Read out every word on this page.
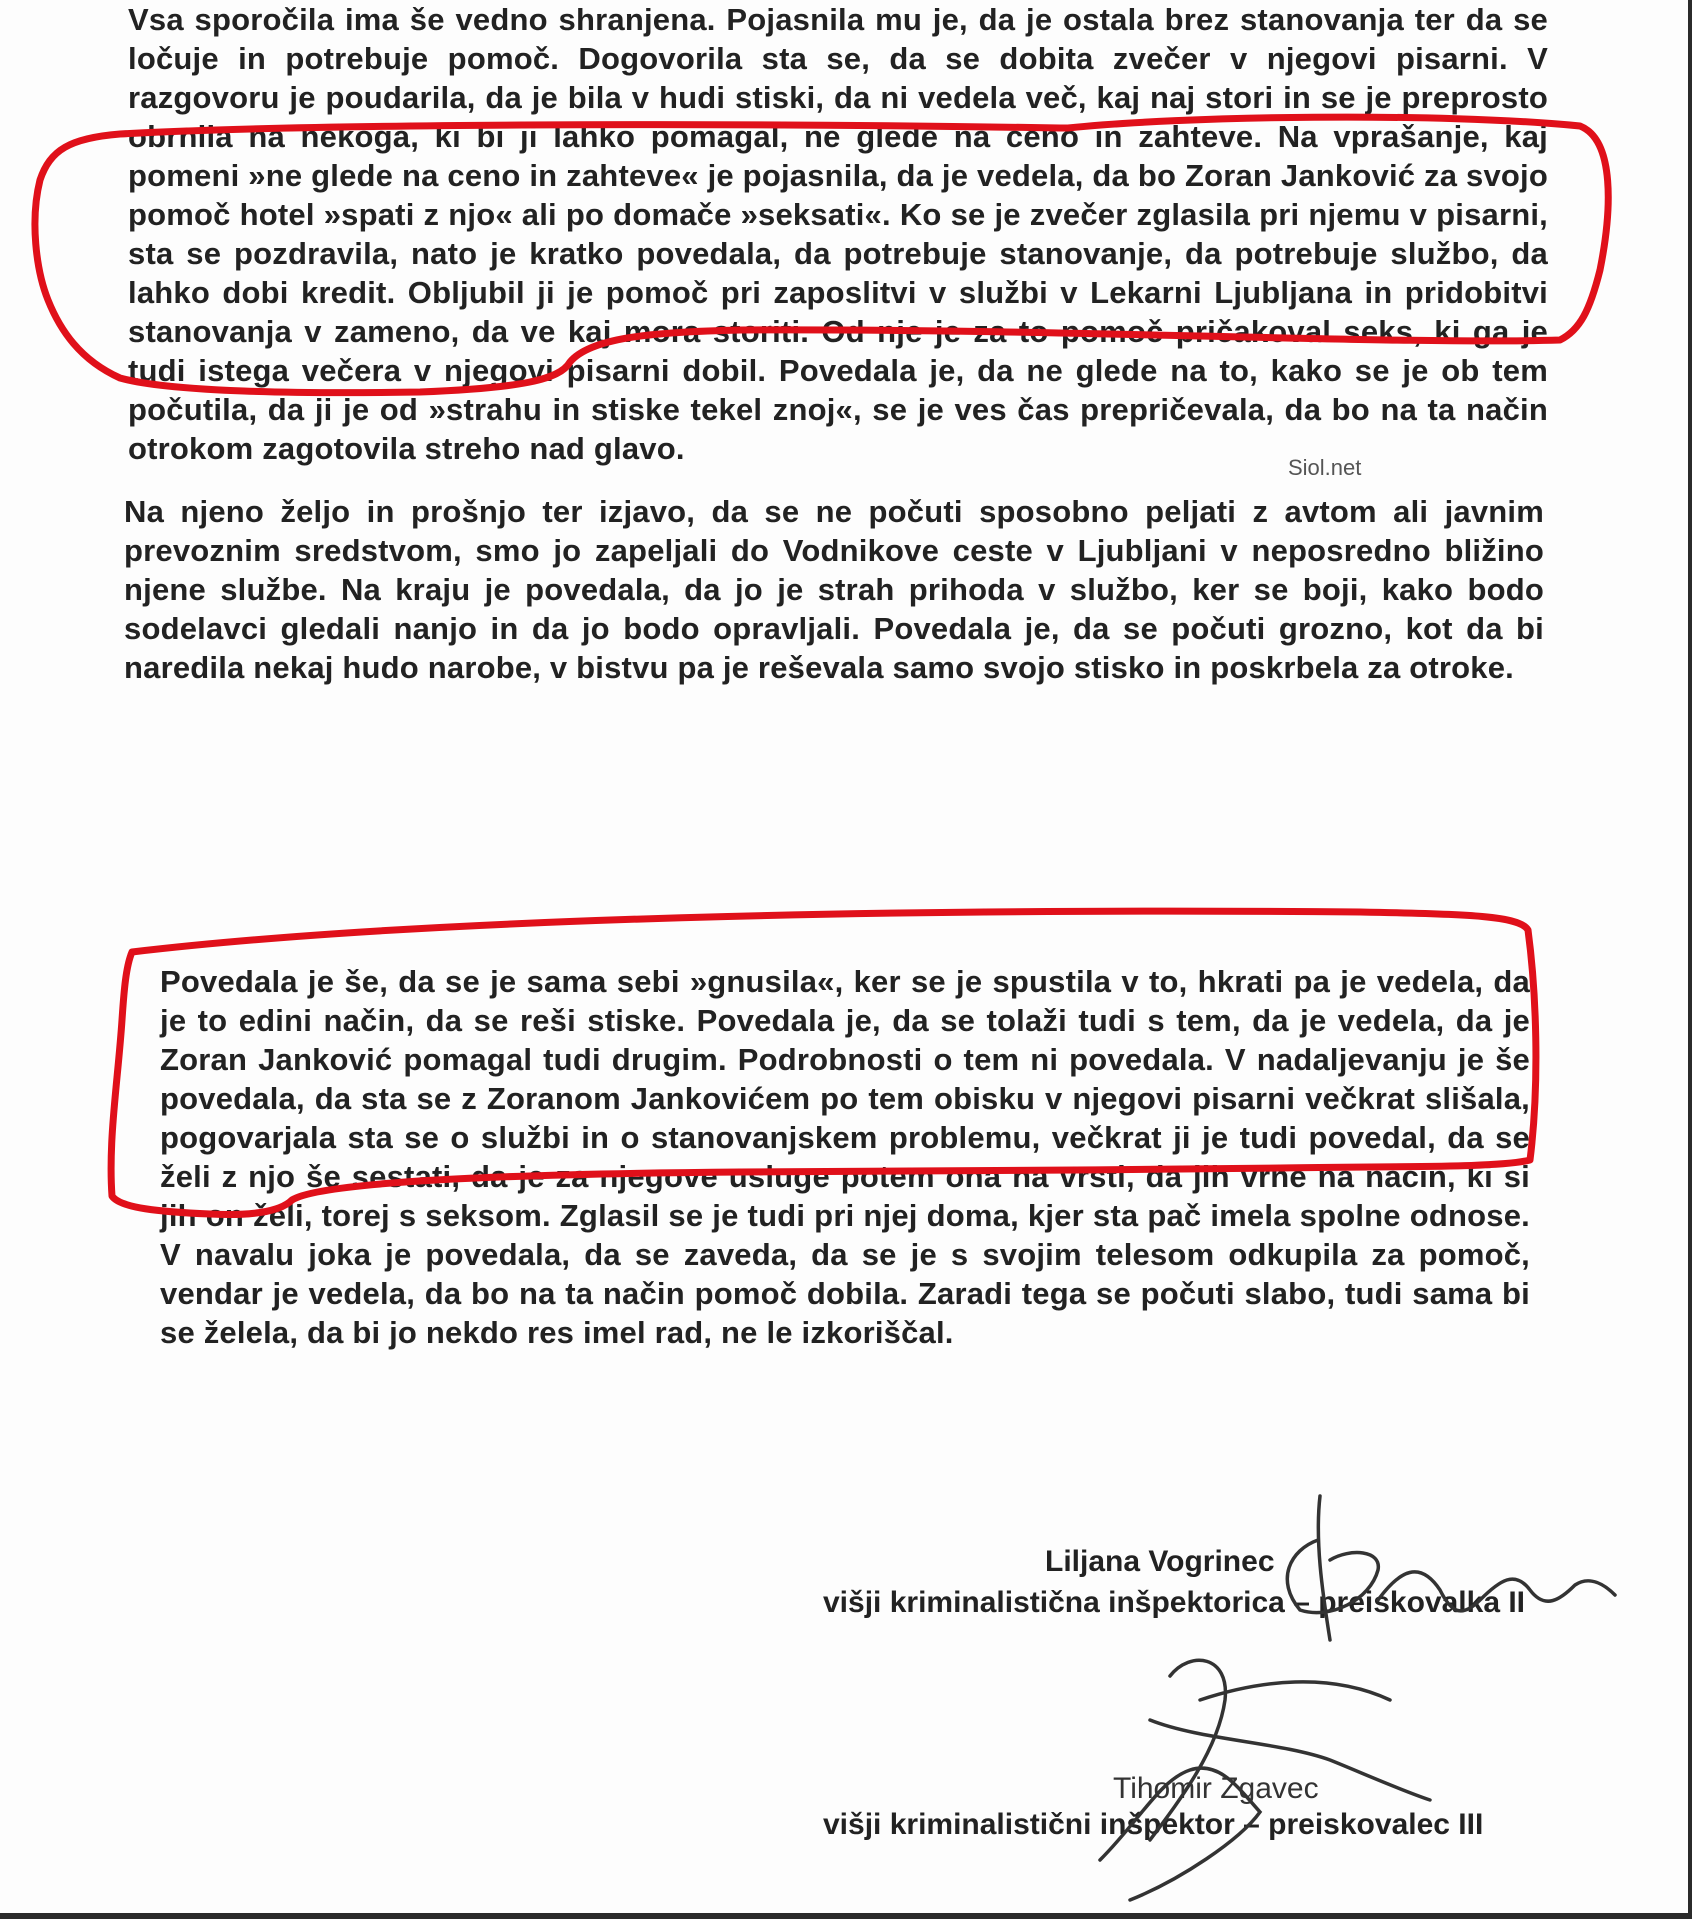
Vsa sporočila ima še vedno shranjena. Pojasnila mu je, da je ostala brez stanovanja ter da se ločuje in potrebuje pomoč. Dogovorila sta se, da se dobita zvečer v njegovi pisarni. V razgovoru je poudarila, da je bila v hudi stiski, da ni vedela več, kaj naj stori in se je preprosto obrnila na nekoga, ki bi ji lahko pomagal, ne glede na ceno in zahteve. Na vprašanje, kaj pomeni »ne glede na ceno in zahteve« je pojasnila, da je vedela, da bo Zoran Janković za svojo pomoč hotel »spati z njo« ali po domače »seksati«. Ko se je zvečer zglasila pri njemu v pisarni, sta se pozdravila, nato je kratko povedala, da potrebuje stanovanje, da potrebuje službo, da lahko dobi kredit. Obljubil ji je pomoč pri zaposlitvi v službi v Lekarni Ljubljana in pridobitvi stanovanja v zameno, da ve kaj mora storiti. Od nje je za to pomoč pričakoval seks, ki ga je tudi istega večera v njegovi pisarni dobil. Povedala je, da ne glede na to, kako se je ob tem počutila, da ji je od »strahu in stiske tekel znoj«, se je ves čas prepričevala, da bo na ta način otrokom zagotovila streho nad glavo.
Siol.net
Na njeno željo in prošnjo ter izjavo, da se ne počuti sposobno peljati z avtom ali javnim prevoznim sredstvom, smo jo zapeljali do Vodnikove ceste v Ljubljani v neposredno bližino njene službe. Na kraju je povedala, da jo je strah prihoda v službo, ker se boji, kako bodo sodelavci gledali nanjo in da jo bodo opravljali. Povedala je, da se počuti grozno, kot da bi naredila nekaj hudo narobe, v bistvu pa je reševala samo svojo stisko in poskrbela za otroke.
Povedala je še, da se je sama sebi »gnusila«, ker se je spustila v to, hkrati pa je vedela, da je to edini način, da se reši stiske. Povedala je, da se tolaži tudi s tem, da je vedela, da je Zoran Janković pomagal tudi drugim. Podrobnosti o tem ni povedala. V nadaljevanju je še povedala, da sta se z Zoranom Jankovićem po tem obisku v njegovi pisarni večkrat slišala, pogovarjala sta se o službi in o stanovanjskem problemu, večkrat ji je tudi povedal, da se želi z njo še sestati, da je za njegove usluge potem ona na vrsti, da jih vrne na način, ki si jih on želi, torej s seksom. Zglasil se je tudi pri njej doma, kjer sta pač imela spolne odnose. V navalu joka je povedala, da se zaveda, da se je s svojim telesom odkupila za pomoč, vendar je vedela, da bo na ta način pomoč dobila. Zaradi tega se počuti slabo, tudi sama bi se želela, da bi jo nekdo res imel rad, ne le izkoriščal.
Liljana Vogrinec
višji kriminalistična inšpektorica – preiskovalka II
Tihomir Zgavec
višji kriminalistični inšpektor – preiskovalec III
